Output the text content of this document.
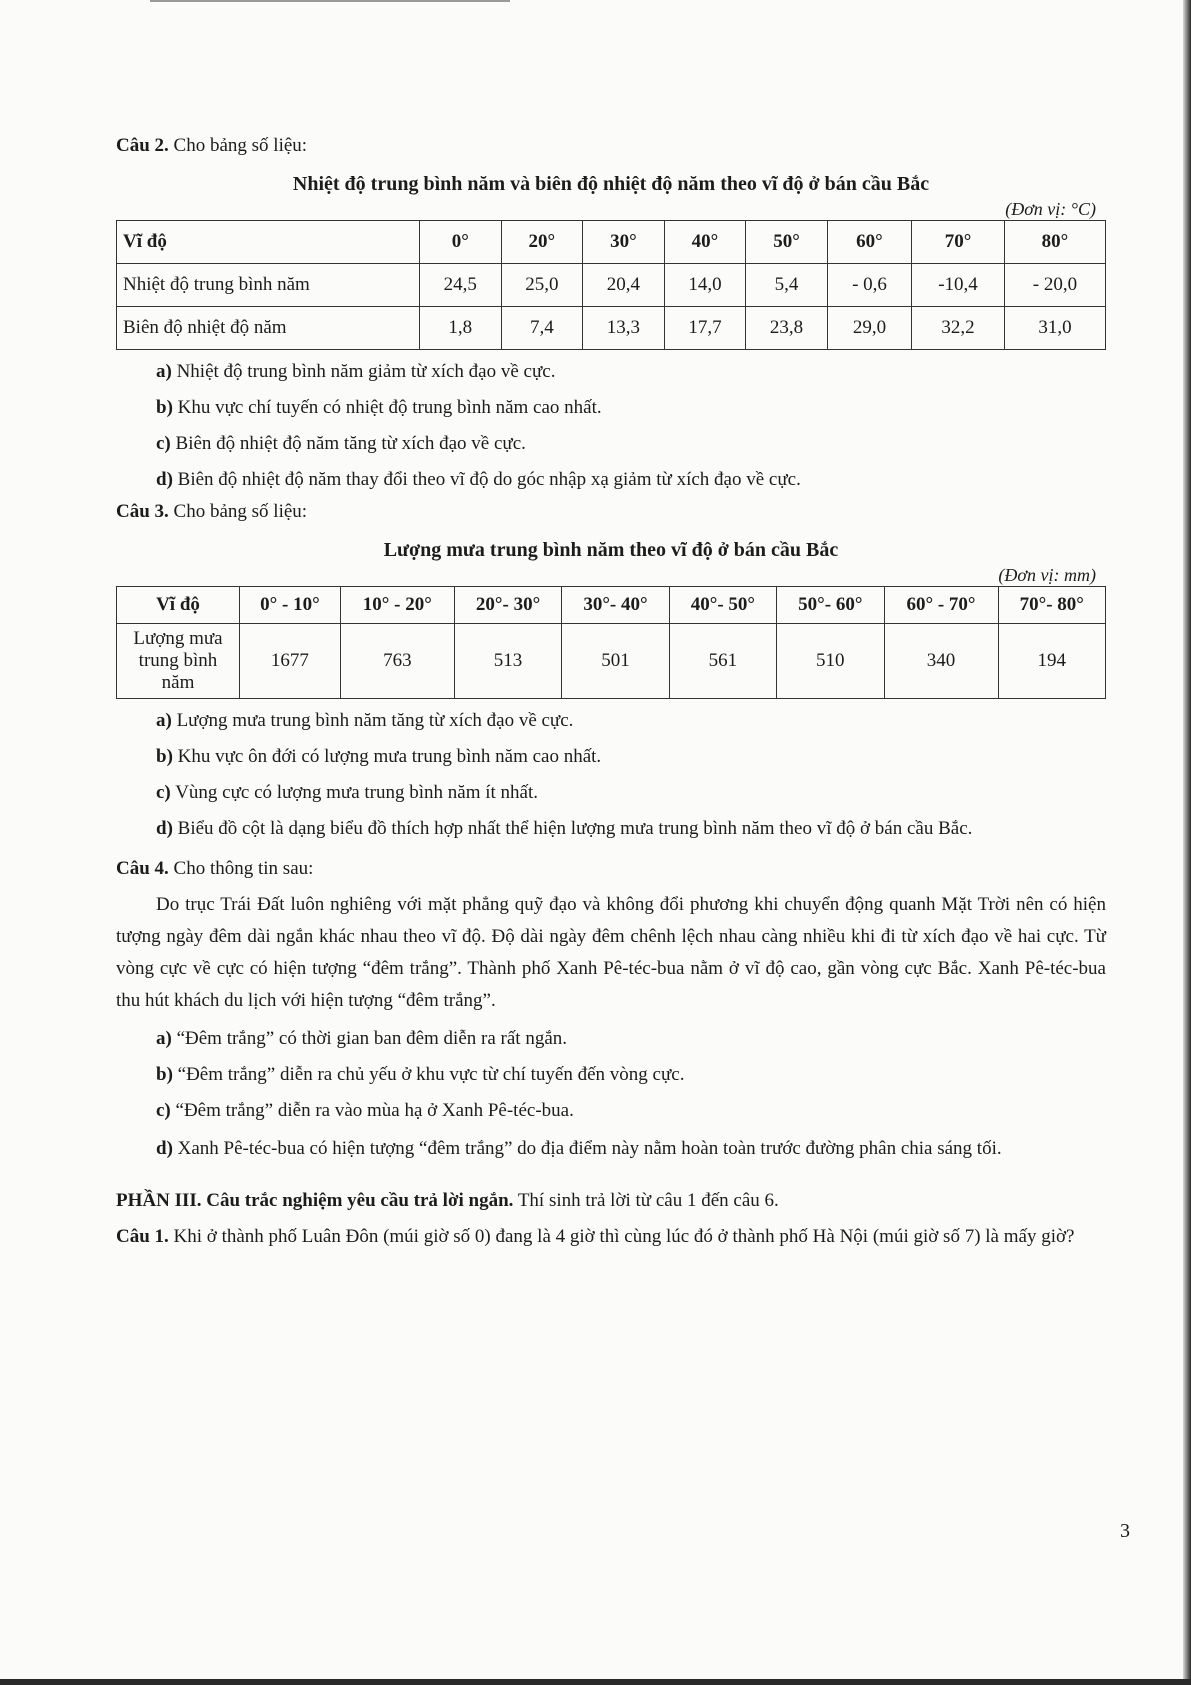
Câu 2. Cho bảng số liệu:

Nhiệt độ trung bình năm và biên độ nhiệt độ năm theo vĩ độ ở bán cầu Bắc

(Đơn vị: °C)

Vĩ độ	0°	20°	30°	40°	50°	60°	70°	80°
Nhiệt độ trung bình năm	24,5	25,0	20,4	14,0	5,4	- 0,6	-10,4	- 20,0
Biên độ nhiệt độ năm	1,8	7,4	13,3	17,7	23,8	29,0	32,2	31,0

a) Nhiệt độ trung bình năm giảm từ xích đạo về cực.

b) Khu vực chí tuyến có nhiệt độ trung bình năm cao nhất.

c) Biên độ nhiệt độ năm tăng từ xích đạo về cực.

d) Biên độ nhiệt độ năm thay đổi theo vĩ độ do góc nhập xạ giảm từ xích đạo về cực.

Câu 3. Cho bảng số liệu:

Lượng mưa trung bình năm theo vĩ độ ở bán cầu Bắc

(Đơn vị: mm)

Vĩ độ	0° - 10°	10° - 20°	20°- 30°	30°- 40°	40°- 50°	50°- 60°	60° - 70°	70°- 80°
Lượng mưa trung bình năm	1677	763	513	501	561	510	340	194

a) Lượng mưa trung bình năm tăng từ xích đạo về cực.

b) Khu vực ôn đới có lượng mưa trung bình năm cao nhất.

c) Vùng cực có lượng mưa trung bình năm ít nhất.

d) Biểu đồ cột là dạng biểu đồ thích hợp nhất thể hiện lượng mưa trung bình năm theo vĩ độ ở bán cầu Bắc.

Câu 4. Cho thông tin sau:

Do trục Trái Đất luôn nghiêng với mặt phẳng quỹ đạo và không đổi phương khi chuyển động quanh Mặt Trời nên có hiện tượng ngày đêm dài ngắn khác nhau theo vĩ độ. Độ dài ngày đêm chênh lệch nhau càng nhiều khi đi từ xích đạo về hai cực. Từ vòng cực về cực có hiện tượng “đêm trắng”. Thành phố Xanh Pê-téc-bua nằm ở vĩ độ cao, gần vòng cực Bắc. Xanh Pê-téc-bua thu hút khách du lịch với hiện tượng “đêm trắng”.

a) “Đêm trắng” có thời gian ban đêm diễn ra rất ngắn.

b) “Đêm trắng” diễn ra chủ yếu ở khu vực từ chí tuyến đến vòng cực.

c) “Đêm trắng” diễn ra vào mùa hạ ở Xanh Pê-téc-bua.

d) Xanh Pê-téc-bua có hiện tượng “đêm trắng” do địa điểm này nằm hoàn toàn trước đường phân chia sáng tối.

PHẦN III. Câu trắc nghiệm yêu cầu trả lời ngắn. Thí sinh trả lời từ câu 1 đến câu 6.

Câu 1. Khi ở thành phố Luân Đôn (múi giờ số 0) đang là 4 giờ thì cùng lúc đó ở thành phố Hà Nội (múi giờ số 7) là mấy giờ?

3
